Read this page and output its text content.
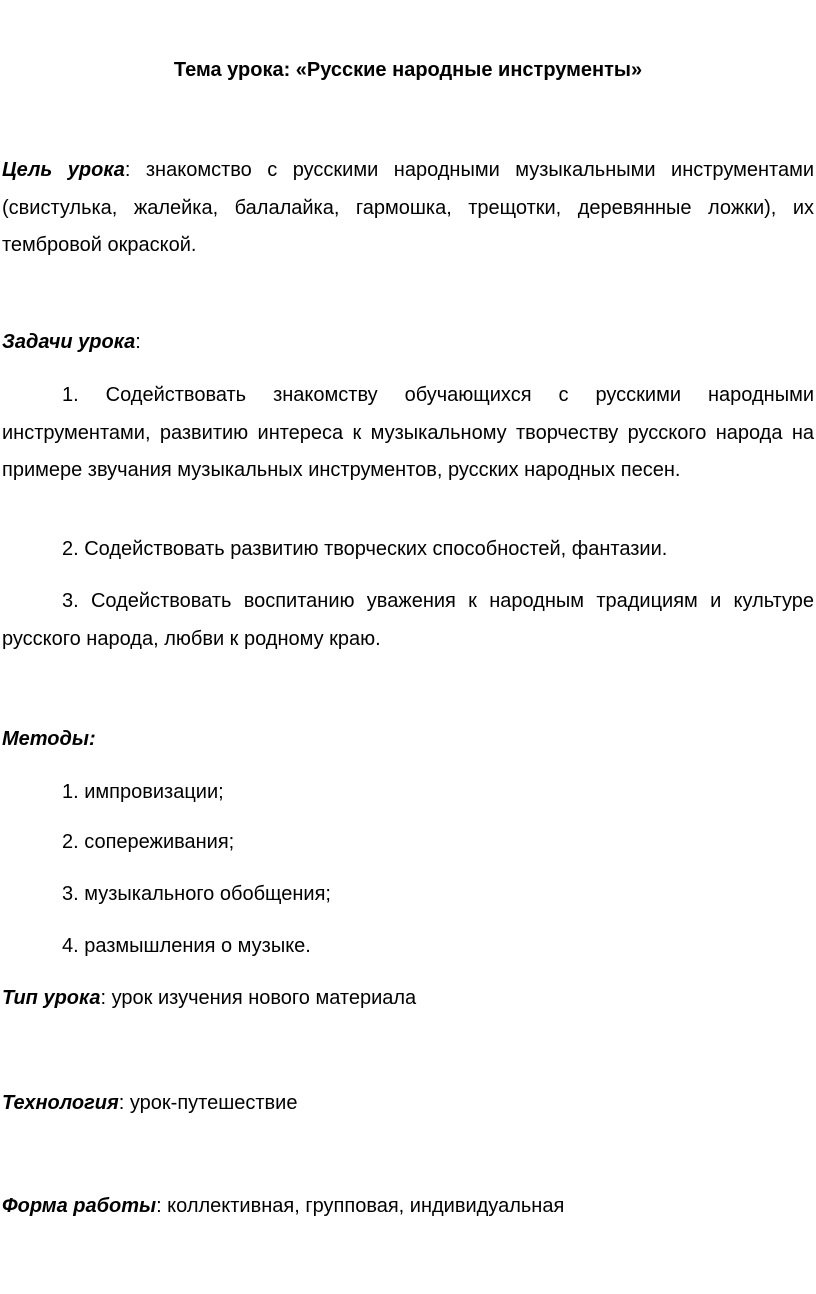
Тема урока: «Русские народные инструменты»
Цель урока: знакомство с русскими народными музыкальными инструментами (свистулька, жалейка, балалайка, гармошка, трещотки, деревянные ложки), их тембровой окраской.
Задачи урока:
1. Содействовать знакомству обучающихся с русскими народными инструментами, развитию интереса к музыкальному творчеству русского народа на примере звучания музыкальных инструментов, русских народных песен.
2. Содействовать развитию творческих способностей, фантазии.
3. Содействовать воспитанию уважения к народным традициям и культуре русского народа, любви к родному краю.
Методы:
1. импровизации;
2. сопереживания;
3. музыкального обобщения;
4. размышления о музыке.
Тип урока: урок изучения нового материала
Технология: урок-путешествие
Форма работы: коллективная, групповая, индивидуальная
